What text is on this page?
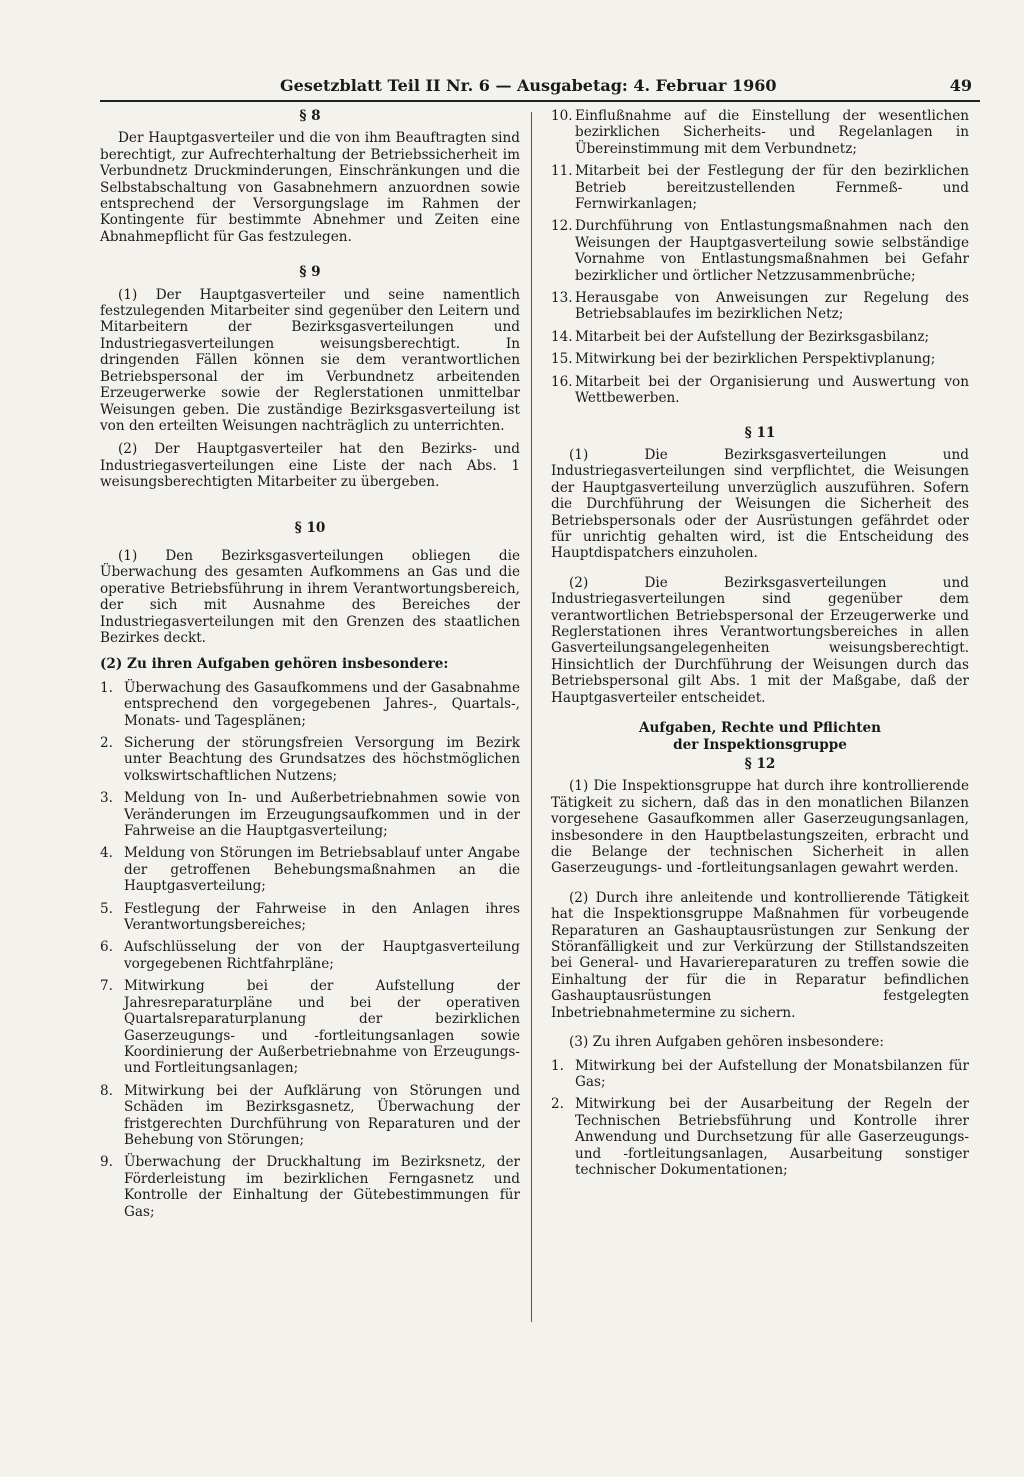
Gesetzblatt Teil II Nr. 6 — Ausgabetag: 4. Februar 1960	49
§ 8

Der Hauptgasverteiler und die von ihm Beauftragten sind berechtigt, zur Aufrechterhaltung der Betriebssicherheit im Verbundnetz Druckminderungen, Einschränkungen und die Selbstabschaltung von Gasabnehmern anzuordnen sowie entsprechend der Versorgungslage im Rahmen der Kontingente für bestimmte Abnehmer und Zeiten eine Abnahmepflicht für Gas festzulegen.

§ 9

(1) Der Hauptgasverteiler und seine namentlich festzulegenden Mitarbeiter sind gegenüber den Leitern und Mitarbeitern der Bezirksgasverteilungen und Industriegasverteilungen weisungsberechtigt. In dringenden Fällen können sie dem verantwortlichen Betriebspersonal der im Verbundnetz arbeitenden Erzeugerwerke sowie der Reglerstationen unmittelbar Weisungen geben. Die zuständige Bezirksgasverteilung ist von den erteilten Weisungen nachträglich zu unterrichten.

(2) Der Hauptgasverteiler hat den Bezirks- und Industriegasverteilungen eine Liste der nach Abs. 1 weisungsberechtigten Mitarbeiter zu übergeben.

§ 10

(1) Den Bezirksgasverteilungen obliegen die Überwachung des gesamten Aufkommens an Gas und die operative Betriebsführung in ihrem Verantwortungsbereich, der sich mit Ausnahme des Bereiches der Industriegasverteilungen mit den Grenzen des staatlichen Bezirkes deckt.

(2) Zu ihren Aufgaben gehören insbesondere:

1. Überwachung des Gasaufkommens und der Gasabnahme entsprechend den vorgegebenen Jahres-, Quartals-, Monats- und Tagesplänen;
2. Sicherung der störungsfreien Versorgung im Bezirk unter Beachtung des Grundsatzes des höchstmöglichen volkswirtschaftlichen Nutzens;
3. Meldung von In- und Außerbetriebnahmen sowie von Veränderungen im Erzeugungsaufkommen und in der Fahrweise an die Hauptgasverteilung;
4. Meldung von Störungen im Betriebsablauf unter Angabe der getroffenen Behebungsmaßnahmen an die Hauptgasverteilung;
5. Festlegung der Fahrweise in den Anlagen ihres Verantwortungsbereiches;
6. Aufschlüsselung der von der Hauptgasverteilung vorgegebenen Richtfahrpläne;
7. Mitwirkung bei der Aufstellung der Jahresreparaturpläne und bei der operativen Quartalsreparaturplanung der bezirklichen Gaserzeugungs- und -fortleitungsanlagen sowie Koordinierung der Außerbetriebnahme von Erzeugungs- und Fortleitungsanlagen;
8. Mitwirkung bei der Aufklärung von Störungen und Schäden im Bezirksgasnetz, Überwachung der fristgerechten Durchführung von Reparaturen und der Behebung von Störungen;
9. Überwachung der Druckhaltung im Bezirksnetz, der Förderleistung im bezirklichen Ferngasnetz und Kontrolle der Einhaltung der Gütebestimmungen für Gas;
10. Einflußnahme auf die Einstellung der wesentlichen bezirklichen Sicherheits- und Regelanlagen in Übereinstimmung mit dem Verbundnetz;
11. Mitarbeit bei der Festlegung der für den bezirklichen Betrieb bereitzustellenden Fernmeß- und Fernwirkanlagen;
12. Durchführung von Entlastungsmaßnahmen nach den Weisungen der Hauptgasverteilung sowie selbständige Vornahme von Entlastungsmaßnahmen bei Gefahr bezirklicher und örtlicher Netzzusammenbrüche;
13. Herausgabe von Anweisungen zur Regelung des Betriebsablaufes im bezirklichen Netz;
14. Mitarbeit bei der Aufstellung der Bezirksgasbilanz;
15. Mitwirkung bei der bezirklichen Perspektivplanung;
16. Mitarbeit bei der Organisierung und Auswertung von Wettbewerben.
§ 11

(1) Die Bezirksgasverteilungen und Industriegasverteilungen sind verpflichtet, die Weisungen der Hauptgasverteilung unverzüglich auszuführen. Sofern die Durchführung der Weisungen die Sicherheit des Betriebspersonals oder der Ausrüstungen gefährdet oder für unrichtig gehalten wird, ist die Entscheidung des Hauptdispatchers einzuholen.

(2) Die Bezirksgasverteilungen und Industriegasverteilungen sind gegenüber dem verantwortlichen Betriebspersonal der Erzeugerwerke und Reglerstationen ihres Verantwortungsbereiches in allen Gasverteilungsangelegenheiten weisungsberechtigt. Hinsichtlich der Durchführung der Weisungen durch das Betriebspersonal gilt Abs. 1 mit der Maßgabe, daß der Hauptgasverteiler entscheidet.

Aufgaben, Rechte und Pflichten
der Inspektionsgruppe
§ 12

(1) Die Inspektionsgruppe hat durch ihre kontrollierende Tätigkeit zu sichern, daß das in den monatlichen Bilanzen vorgesehene Gasaufkommen aller Gaserzeugungsanlagen, insbesondere in den Hauptbelastungszeiten, erbracht und die Belange der technischen Sicherheit in allen Gaserzeugungs- und -fortleitungsanlagen gewahrt werden.

(2) Durch ihre anleitende und kontrollierende Tätigkeit hat die Inspektionsgruppe Maßnahmen für vorbeugende Reparaturen an Gashauptausrüstungen zur Senkung der Störanfälligkeit und zur Verkürzung der Stillstandszeiten bei General- und Havariereparaturen zu treffen sowie die Einhaltung der für die in Reparatur befindlichen Gashauptausrüstungen festgelegten Inbetriebnahmetermine zu sichern.

(3) Zu ihren Aufgaben gehören insbesondere:

1. Mitwirkung bei der Aufstellung der Monatsbilanzen für Gas;
2. Mitwirkung bei der Ausarbeitung der Regeln der Technischen Betriebsführung und Kontrolle ihrer Anwendung und Durchsetzung für alle Gaserzeugungs- und -fortleitungsanlagen, Ausarbeitung sonstiger technischer Dokumentationen;
